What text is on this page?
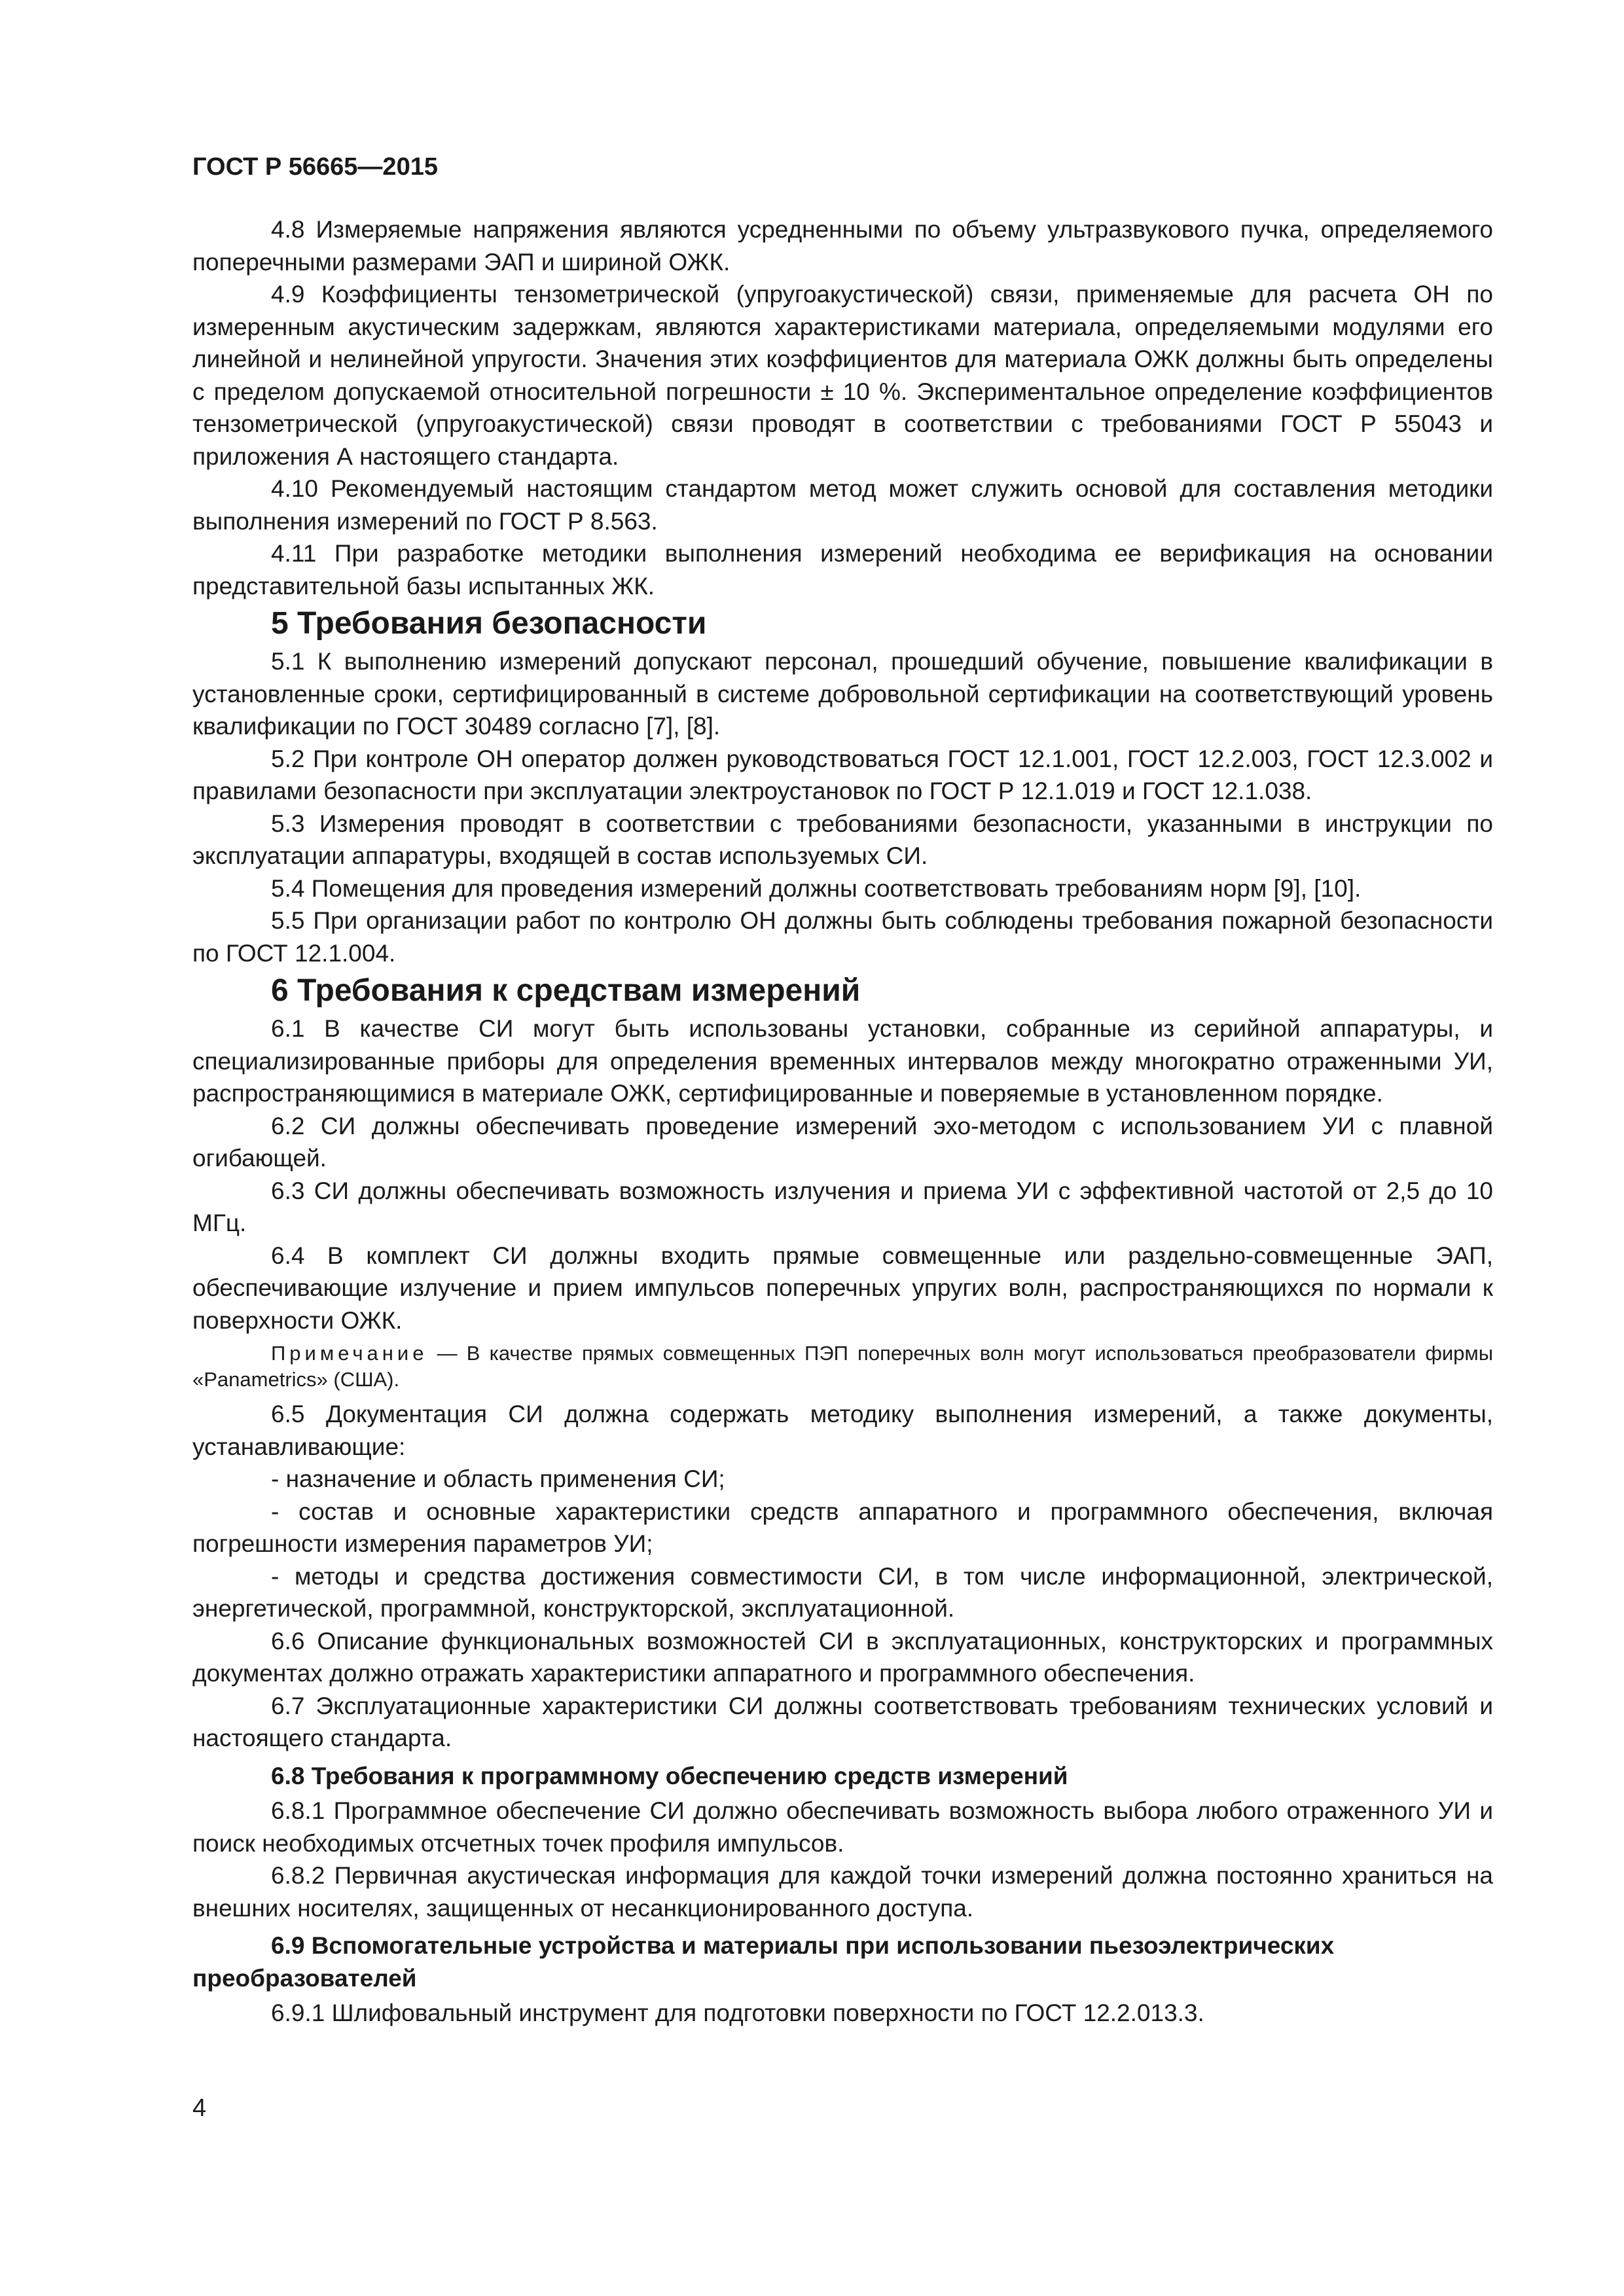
ГОСТ Р 56665—2015

4.8 Измеряемые напряжения являются усредненными по объему ультразвукового пучка, определяемого поперечными размерами ЭАП и шириной ОЖК.

4.9 Коэффициенты тензометрической (упругоакустической) связи, применяемые для расчета ОН по измеренным акустическим задержкам, являются характеристиками материала, определяемыми модулями его линейной и нелинейной упругости. Значения этих коэффициентов для материала ОЖК должны быть определены с пределом допускаемой относительной погрешности ± 10 %. Экспериментальное определение коэффициентов тензометрической (упругоакустической) связи проводят в соответствии с требованиями ГОСТ Р 55043 и приложения А настоящего стандарта.

4.10 Рекомендуемый настоящим стандартом метод может служить основой для составления методики выполнения измерений по ГОСТ Р 8.563.

4.11 При разработке методики выполнения измерений необходима ее верификация на основании представительной базы испытанных ЖК.

5 Требования безопасности

5.1 К выполнению измерений допускают персонал, прошедший обучение, повышение квалификации в установленные сроки, сертифицированный в системе добровольной сертификации на соответствующий уровень квалификации по ГОСТ 30489 согласно [7], [8].

5.2 При контроле ОН оператор должен руководствоваться ГОСТ 12.1.001, ГОСТ 12.2.003, ГОСТ 12.3.002 и правилами безопасности при эксплуатации электроустановок по ГОСТ Р 12.1.019 и ГОСТ 12.1.038.

5.3 Измерения проводят в соответствии с требованиями безопасности, указанными в инструкции по эксплуатации аппаратуры, входящей в состав используемых СИ.

5.4 Помещения для проведения измерений должны соответствовать требованиям норм [9], [10].

5.5 При организации работ по контролю ОН должны быть соблюдены требования пожарной безопасности по ГОСТ 12.1.004.

6 Требования к средствам измерений

6.1 В качестве СИ могут быть использованы установки, собранные из серийной аппаратуры, и специализированные приборы для определения временных интервалов между многократно отраженными УИ, распространяющимися в материале ОЖК, сертифицированные и поверяемые в установленном порядке.

6.2 СИ должны обеспечивать проведение измерений эхо-методом с использованием УИ с плавной огибающей.

6.3 СИ должны обеспечивать возможность излучения и приема УИ с эффективной частотой от 2,5 до 10 МГц.

6.4 В комплект СИ должны входить прямые совмещенные или раздельно-совмещенные ЭАП, обеспечивающие излучение и прием импульсов поперечных упругих волн, распространяющихся по нормали к поверхности ОЖК.

Примечание — В качестве прямых совмещенных ПЭП поперечных волн могут использоваться преобразователи фирмы «Panametrics» (США).

6.5 Документация СИ должна содержать методику выполнения измерений, а также документы, устанавливающие:

- назначение и область применения СИ;

- состав и основные характеристики средств аппаратного и программного обеспечения, включая погрешности измерения параметров УИ;

- методы и средства достижения совместимости СИ, в том числе информационной, электрической, энергетической, программной, конструкторской, эксплуатационной.

6.6 Описание функциональных возможностей СИ в эксплуатационных, конструкторских и программных документах должно отражать характеристики аппаратного и программного обеспечения.

6.7 Эксплуатационные характеристики СИ должны соответствовать требованиям технических условий и настоящего стандарта.

6.8 Требования к программному обеспечению средств измерений

6.8.1 Программное обеспечение СИ должно обеспечивать возможность выбора любого отраженного УИ и поиск необходимых отсчетных точек профиля импульсов.

6.8.2 Первичная акустическая информация для каждой точки измерений должна постоянно храниться на внешних носителях, защищенных от несанкционированного доступа.

6.9 Вспомогательные устройства и материалы при использовании пьезоэлектрических преобразователей

6.9.1 Шлифовальный инструмент для подготовки поверхности по ГОСТ 12.2.013.3.

4
